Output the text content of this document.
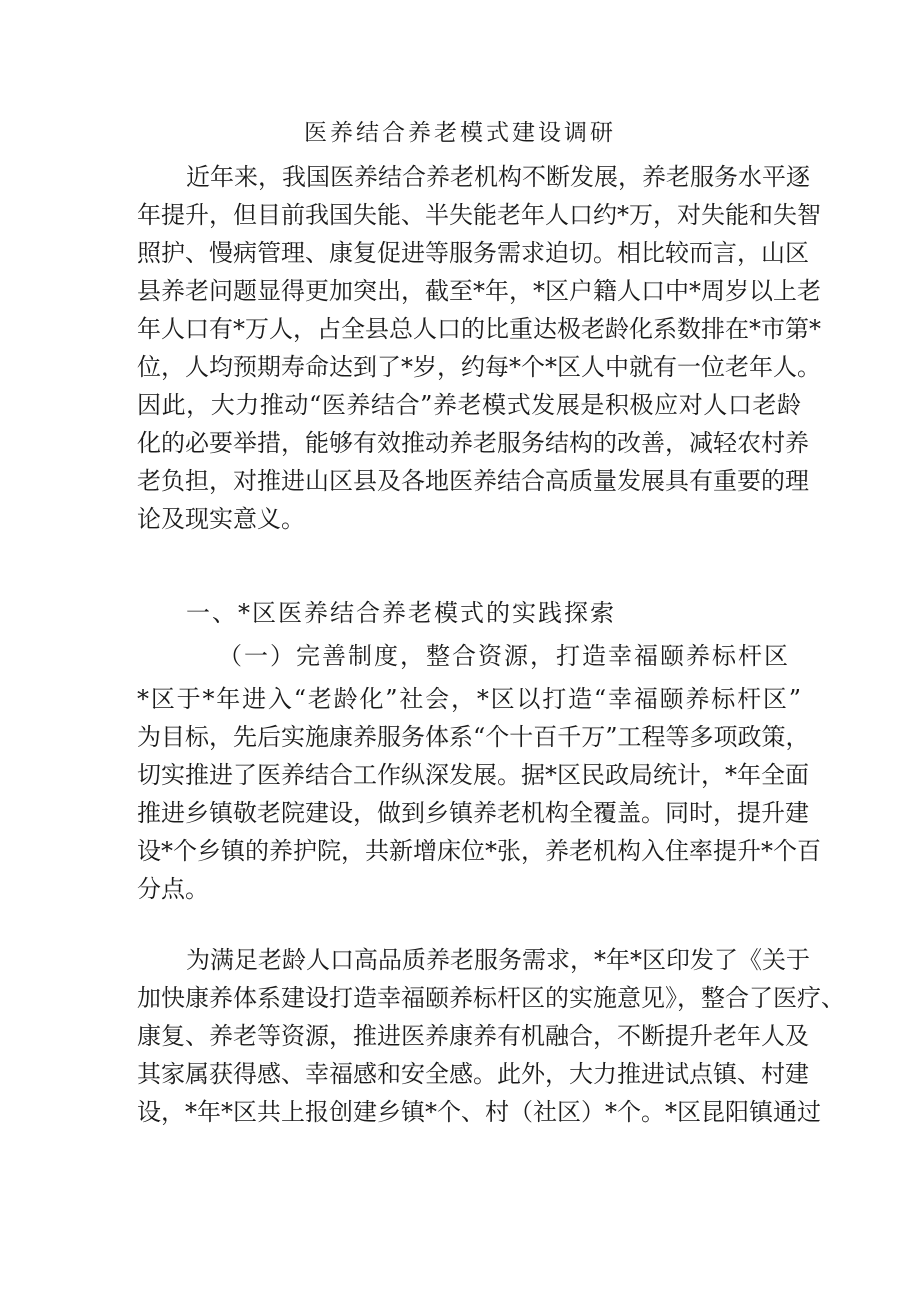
医养结合养老模式建设调研
近年来，我国医养结合养老机构不断发展，养老服务水平逐
年提升，但目前我国失能、半失能老年人口约*万，对失能和失智
照护、慢病管理、康复促进等服务需求迫切。相比较而言，山区
县养老问题显得更加突出，截至*年，*区户籍人口中*周岁以上老
年人口有*万人，占全县总人口的比重达极老龄化系数排在*市第*
位，人均预期寿命达到了*岁，约每*个*区人中就有一位老年人。
因此，大力推动“医养结合”养老模式发展是积极应对人口老龄
化的必要举措，能够有效推动养老服务结构的改善，减轻农村养
老负担，对推进山区县及各地医养结合高质量发展具有重要的理
论及现实意义。
一、*区医养结合养老模式的实践探索
（一）完善制度，整合资源，打造幸福颐养标杆区
*区于*年进入“老龄化”社会，*区以打造“幸福颐养标杆区”
为目标，先后实施康养服务体系“个十百千万”工程等多项政策，
切实推进了医养结合工作纵深发展。据*区民政局统计，*年全面
推进乡镇敬老院建设，做到乡镇养老机构全覆盖。同时，提升建
设*个乡镇的养护院，共新增床位*张，养老机构入住率提升*个百
分点。
为满足老龄人口高品质养老服务需求，*年*区印发了《关于
加快康养体系建设打造幸福颐养标杆区的实施意见》，整合了医疗、
康复、养老等资源，推进医养康养有机融合，不断提升老年人及
其家属获得感、幸福感和安全感。此外，大力推进试点镇、村建
设，*年*区共上报创建乡镇*个、村（社区）*个。*区昆阳镇通过
